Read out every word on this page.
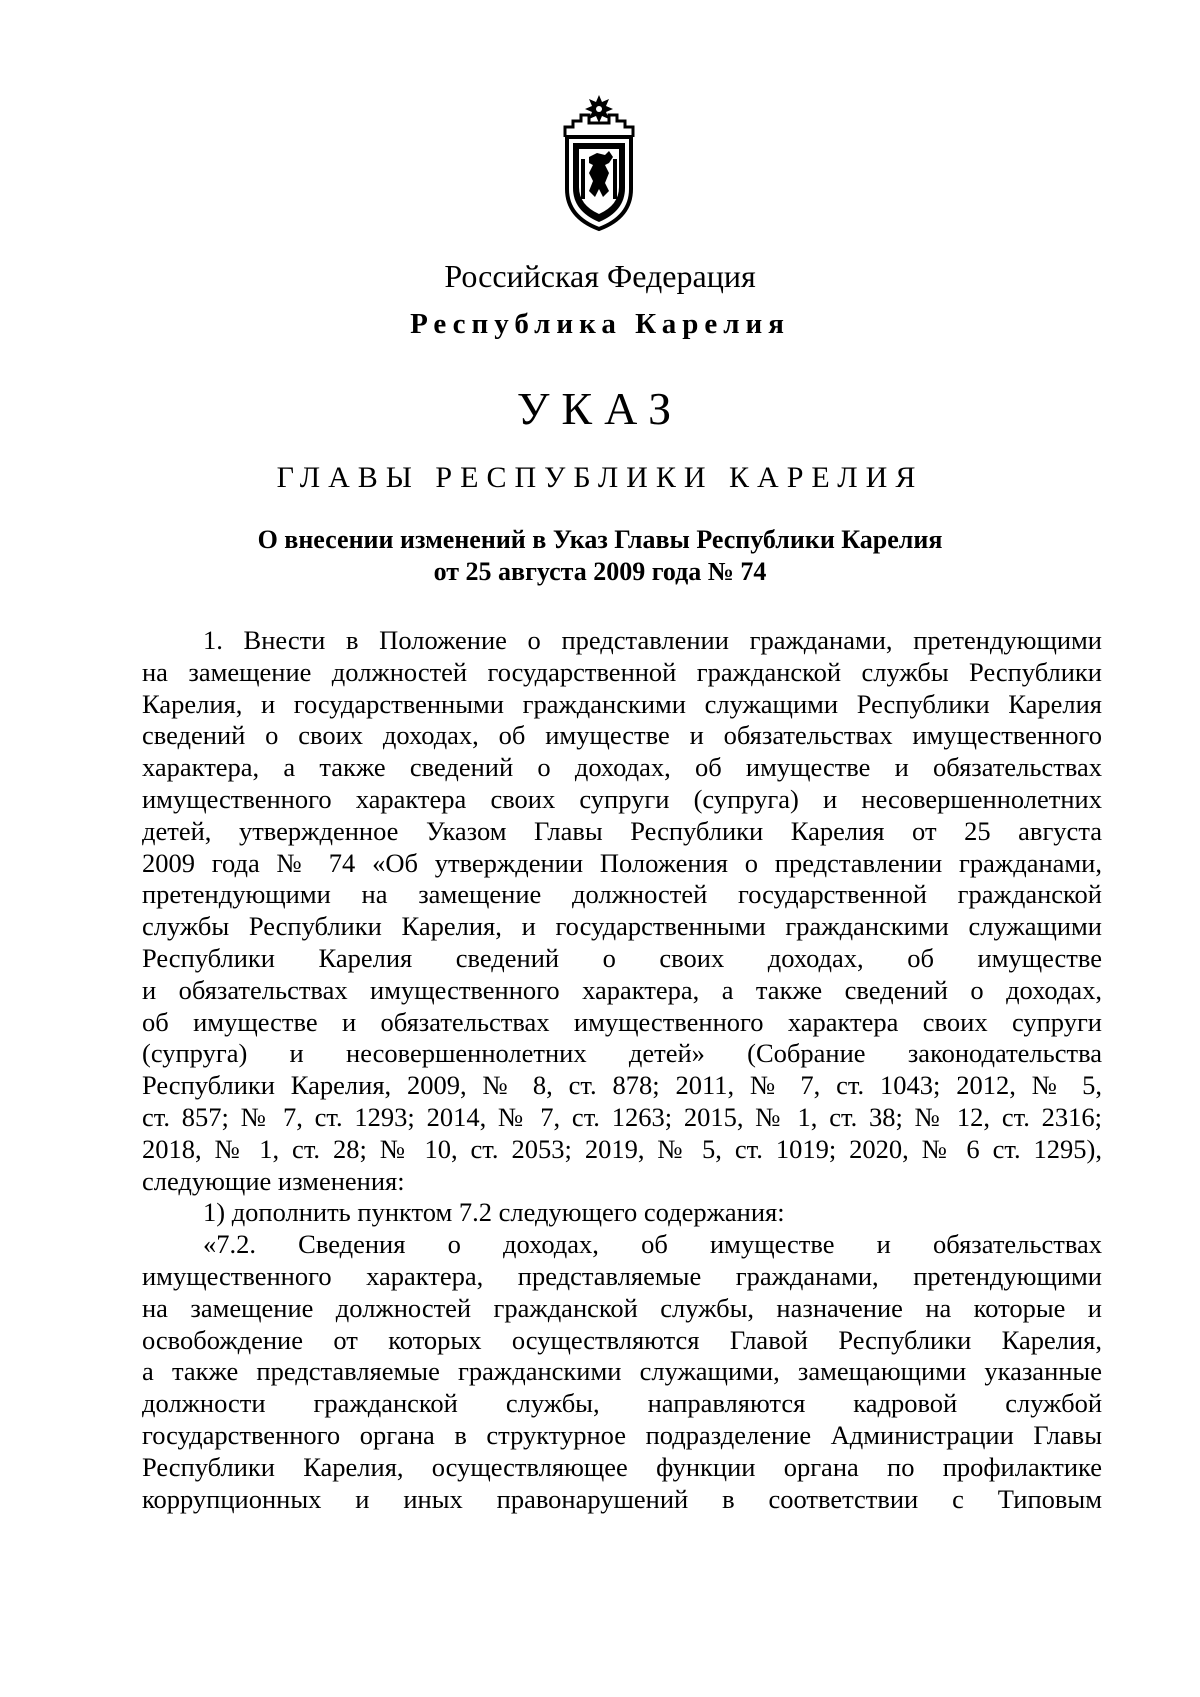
Российская Федерация
Республика Карелия
УКАЗ
ГЛАВЫ РЕСПУБЛИКИ КАРЕЛИЯ
О внесении изменений в Указ Главы Республики Карелия
от 25 августа 2009 года № 74
1. Внести в Положение о представлении гражданами, претендующими
на замещение должностей государственной гражданской службы Республики
Карелия, и государственными гражданскими служащими Республики Карелия
сведений о своих доходах, об имуществе и обязательствах имущественного
характера, а также сведений о доходах, об имуществе и обязательствах
имущественного характера своих супруги (супруга) и несовершеннолетних
детей, утвержденное Указом Главы Республики Карелия от 25 августа
2009 года № 74 «Об утверждении Положения о представлении гражданами,
претендующими на замещение должностей государственной гражданской
службы Республики Карелия, и государственными гражданскими служащими
Республики Карелия сведений о своих доходах, об имуществе
и обязательствах имущественного характера, а также сведений о доходах,
об имуществе и обязательствах имущественного характера своих супруги
(супруга) и несовершеннолетних детей» (Собрание законодательства
Республики Карелия, 2009, № 8, ст. 878; 2011, № 7, ст. 1043; 2012, № 5,
ст. 857; № 7, ст. 1293; 2014, № 7, ст. 1263; 2015, № 1, ст. 38; № 12, ст. 2316;
2018, № 1, ст. 28; № 10, ст. 2053; 2019, № 5, ст. 1019; 2020, № 6 ст. 1295),
следующие изменения:
1) дополнить пунктом 7.2 следующего содержания:
«7.2. Сведения о доходах, об имуществе и обязательствах
имущественного характера, представляемые гражданами, претендующими
на замещение должностей гражданской службы, назначение на которые и
освобождение от которых осуществляются Главой Республики Карелия,
а также представляемые гражданскими служащими, замещающими указанные
должности гражданской службы, направляются кадровой службой
государственного органа в структурное подразделение Администрации Главы
Республики Карелия, осуществляющее функции органа по профилактике
коррупционных и иных правонарушений в соответствии с Типовым
